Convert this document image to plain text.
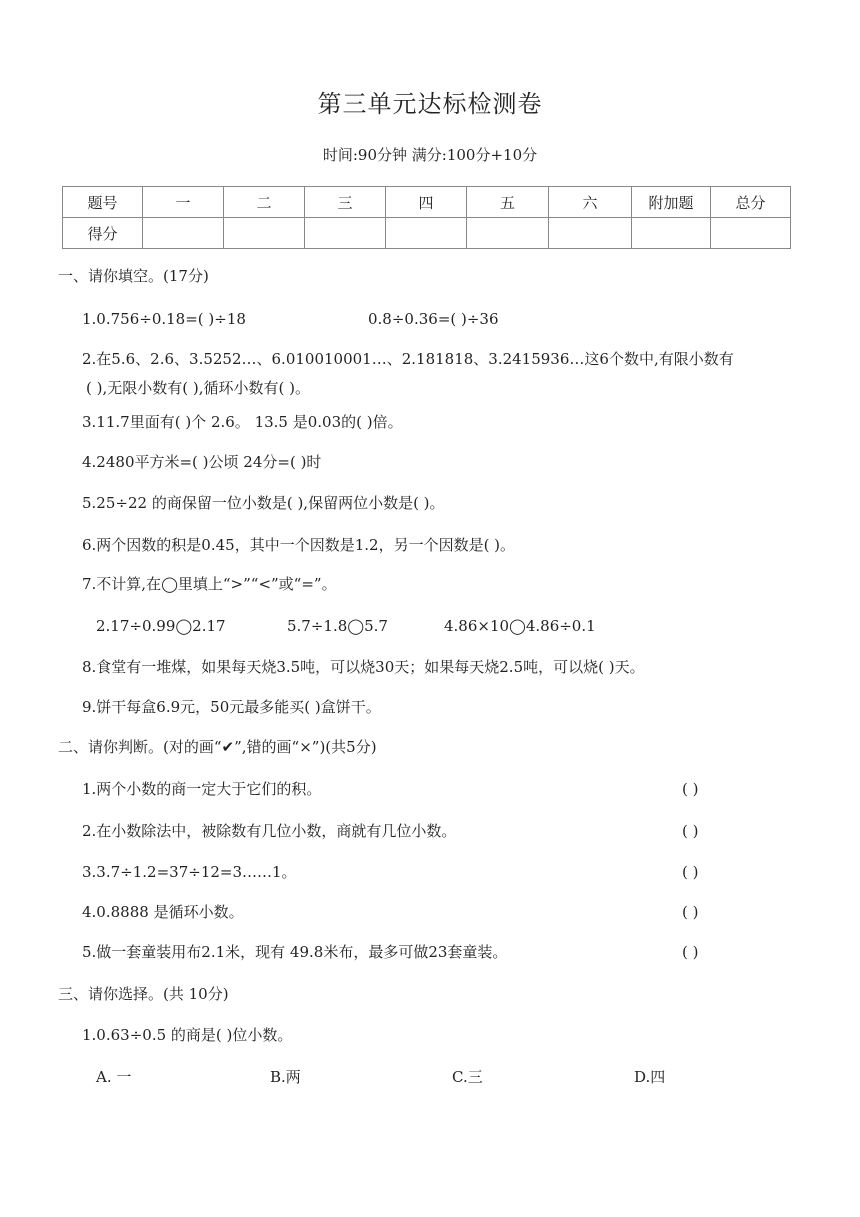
第三单元达标检测卷
时间:90分钟 满分:100分+10分
题号	一	二	三	四	五	六	附加题	总分
得分								
一、请你填空。(17分)
1.0.756÷0.18=( )÷18	0.8÷0.36=( )÷36
2.在5.6、2.6、3.5252…、6.010010001…、2.181818、3.2415936…这6个数中,有限小数有
( ),无限小数有( ),循环小数有( )。
3.11.7里面有( )个 2.6。 13.5 是0.03的( )倍。
4.2480平方米=( )公顷 24分=( )时
5.25÷22 的商保留一位小数是( ),保留两位小数是( )。
6.两个因数的积是0.45，其中一个因数是1.2，另一个因数是( )。
7.不计算,在◯里填上“>”“<”或“=”。
2.17÷0.99◯2.17	5.7÷1.8◯5.7	4.86×10◯4.86÷0.1
8.食堂有一堆煤，如果每天烧3.5吨，可以烧30天；如果每天烧2.5吨，可以烧( )天。
9.饼干每盒6.9元，50元最多能买( )盒饼干。
二、请你判断。(对的画“✔”,错的画“×”)(共5分)
1.两个小数的商一定大于它们的积。	( )
2.在小数除法中，被除数有几位小数，商就有几位小数。	( )
3.3.7÷1.2=37÷12=3……1。	( )
4.0.8888 是循环小数。	( )
5.做一套童装用布2.1米，现有 49.8米布，最多可做23套童装。	( )
三、请你选择。(共 10分)
1.0.63÷0.5 的商是( )位小数。
A. 一	B.两	C.三	D.四
